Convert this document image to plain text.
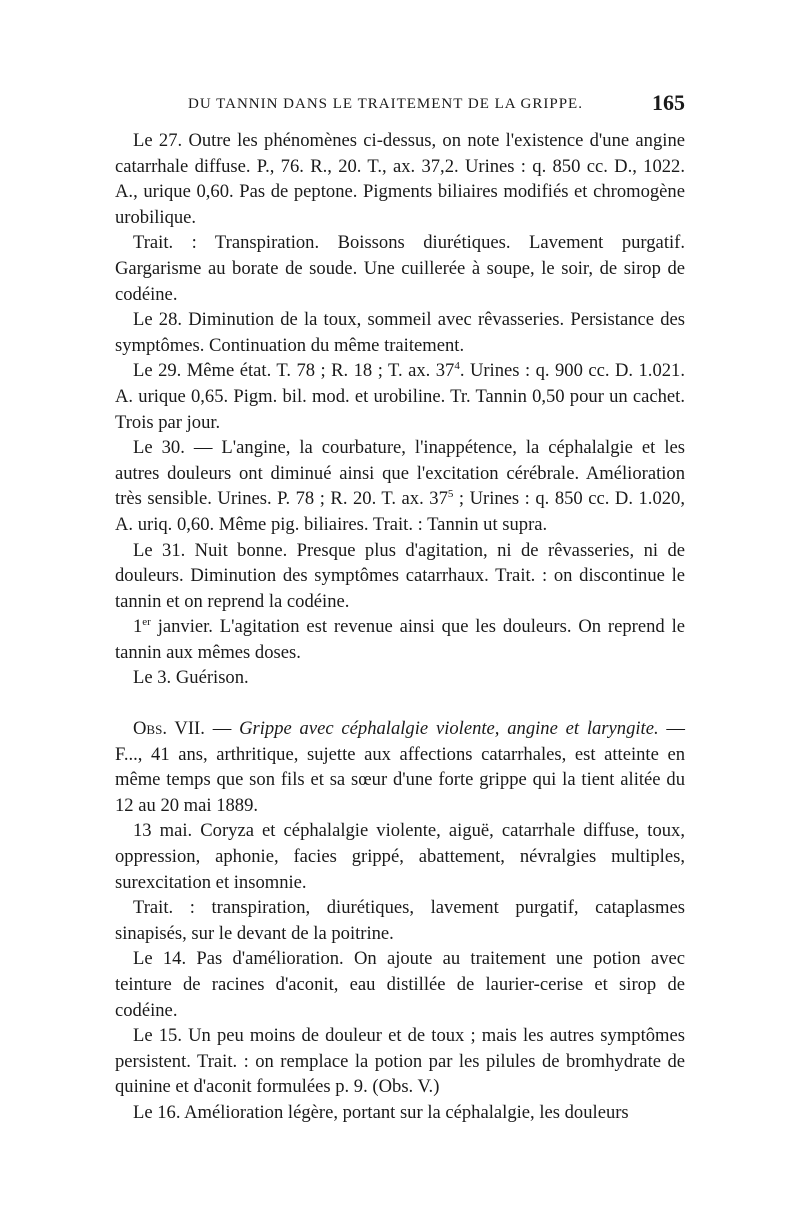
DU TANNIN DANS LE TRAITEMENT DE LA GRIPPE.	165

Le 27. Outre les phénomènes ci-dessus, on note l'existence d'une angine catarrhale diffuse. P., 76. R., 20. T., ax. 37,2. Urines : q. 850 cc. D., 1022. A., urique 0,60. Pas de peptone. Pigments biliaires modifiés et chromogène urobilique.

Trait. : Transpiration. Boissons diurétiques. Lavement purgatif. Gargarisme au borate de soude. Une cuillerée à soupe, le soir, de sirop de codéine.

Le 28. Diminution de la toux, sommeil avec rêvasseries. Persistance des symptômes. Continuation du même traitement.

Le 29. Même état. T. 78 ; R. 18 ; T. ax. $37^4$. Urines : q. 900 cc. D. 1.021. A. urique 0,65. Pigm. bil. mod. et urobiline. Tr. Tannin 0,50 pour un cachet. Trois par jour.

Le 30. — L'angine, la courbature, l'inappétence, la céphalalgie et les autres douleurs ont diminué ainsi que l'excitation cérébrale. Amélioration très sensible. Urines. P. 78 ; R. 20. T. ax. $37^5$ ; Urines : q. 850 cc. D. 1.020, A. uriq. 0,60. Même pig. biliaires. Trait. : Tannin ut supra.

Le 31. Nuit bonne. Presque plus d'agitation, ni de rêvasseries, ni de douleurs. Diminution des symptômes catarrhaux. Trait. : on discontinue le tannin et on reprend la codéine.

1er janvier. L'agitation est revenue ainsi que les douleurs. On reprend le tannin aux mêmes doses.

Le 3. Guérison.

Obs. VII. — Grippe avec céphalalgie violente, angine et laryngite. — F..., 41 ans, arthritique, sujette aux affections catarrhales, est atteinte en même temps que son fils et sa sœur d'une forte grippe qui la tient alitée du 12 au 20 mai 1889.

13 mai. Coryza et céphalalgie violente, aiguë, catarrhale diffuse, toux, oppression, aphonie, facies grippé, abattement, névralgies multiples, surexcitation et insomnie.

Trait. : transpiration, diurétiques, lavement purgatif, cataplasmes sinapisés, sur le devant de la poitrine.

Le 14. Pas d'amélioration. On ajoute au traitement une potion avec teinture de racines d'aconit, eau distillée de laurier-cerise et sirop de codéine.

Le 15. Un peu moins de douleur et de toux ; mais les autres symptômes persistent. Trait. : on remplace la potion par les pilules de bromhydrate de quinine et d'aconit formulées p. 9. (Obs. V.)

Le 16. Amélioration légère, portant sur la céphalalgie, les douleurs
